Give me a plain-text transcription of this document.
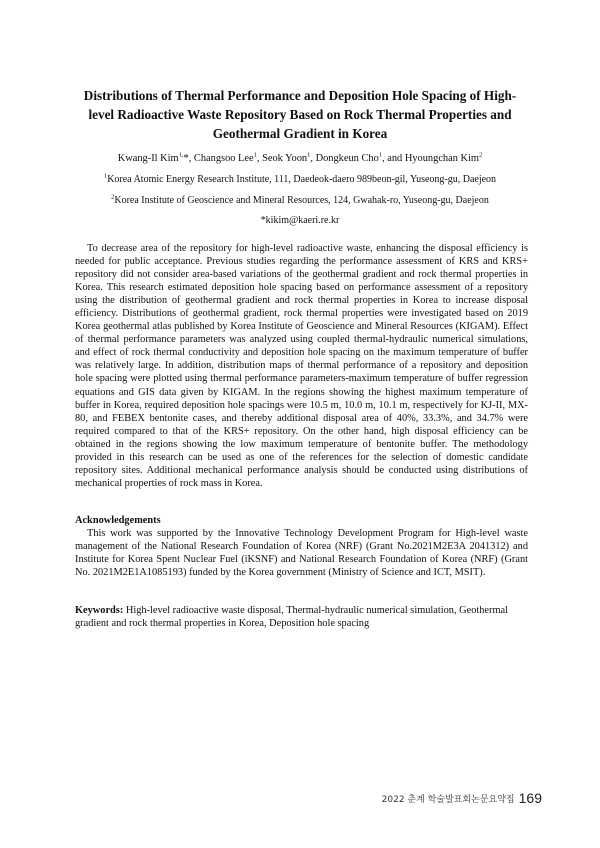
Distributions of Thermal Performance and Deposition Hole Spacing of High-level Radioactive Waste Repository Based on Rock Thermal Properties and Geothermal Gradient in Korea
Kwang-Il Kim$^{1,}$*, Changsoo Lee$^1$, Seok Yoon$^1$, Dongkeun Cho$^1$, and Hyoungchan Kim$^2$
$^1$Korea Atomic Energy Research Institute, 111, Daedeok-daero 989beon-gil, Yuseong-gu, Daejeon
$^2$Korea Institute of Geoscience and Mineral Resources, 124, Gwahak-ro, Yuseong-gu, Daejeon
*kikim@kaeri.re.kr

To decrease area of the repository for high-level radioactive waste, enhancing the disposal efficiency is needed for public acceptance. Previous studies regarding the performance assessment of KRS and KRS+ repository did not consider area-based variations of the geothermal gradient and rock thermal properties in Korea. This research estimated deposition hole spacing based on performance assessment of a repository using the distribution of geothermal gradient and rock thermal properties in Korea to increase disposal efficiency. Distributions of geothermal gradient, rock thermal properties were investigated based on 2019 Korea geothermal atlas published by Korea Institute of Geoscience and Mineral Resources (KIGAM). Effect of thermal performance parameters was analyzed using coupled thermal-hydraulic numerical simulations, and effect of rock thermal conductivity and deposition hole spacing on the maximum temperature of buffer was relatively large. In addition, distribution maps of thermal performance of a repository and deposition hole spacing were plotted using thermal performance parameters-maximum temperature of buffer regression equations and GIS data given by KIGAM. In the regions showing the highest maximum temperature of buffer in Korea, required deposition hole spacings were 10.5 m, 10.0 m, 10.1 m, respectively for KJ-II, MX-80, and FEBEX bentonite cases, and thereby additional disposal area of 40%, 33.3%, and 34.7% were required compared to that of the KRS+ repository. On the other hand, high disposal efficiency can be obtained in the regions showing the low maximum temperature of bentonite buffer. The methodology provided in this research can be used as one of the references for the selection of domestic candidate repository sites. Additional mechanical performance analysis should be conducted using distributions of mechanical properties of rock mass in Korea.

Acknowledgements

This work was supported by the Innovative Technology Development Program for High-level waste management of the National Research Foundation of Korea (NRF) (Grant No.2021M2E3A 2041312) and Institute for Korea Spent Nuclear Fuel (iKSNF) and National Research Foundation of Korea (NRF) (Grant No. 2021M2E1A1085193) funded by the Korea government (Ministry of Science and ICT, MSIT).

Keywords: High-level radioactive waste disposal, Thermal-hydraulic numerical simulation, Geothermal gradient and rock thermal properties in Korea, Deposition hole spacing

2022 춘계 학술발표회논문요약집 169
